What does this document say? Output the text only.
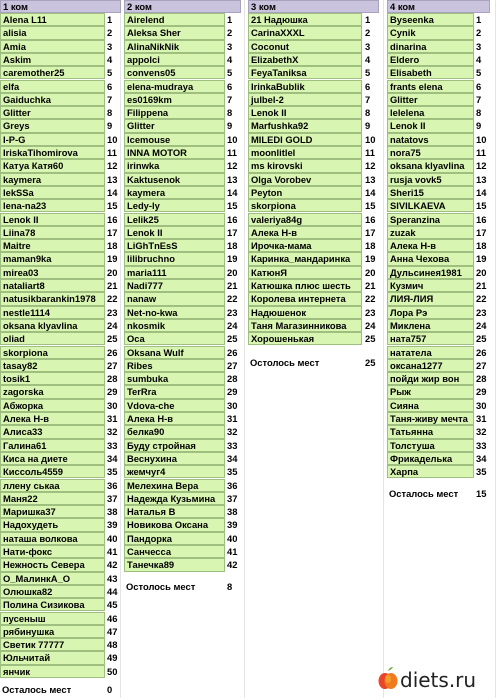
1 ком
Alena L11	1
alisia	2
Amia	3
Askim	4
caremother25	5
elfa	6
Gaiduchka	7
Glitter	8
Greys	9
I-P-G	10
IriskaTihomirova	11
Катуа Катя60	12
kaymera	13
lekSSa	14
lena-na23	15
Lenok II	16
Liina78	17
Maitre	18
maman9ka	19
mirea03	20
nataliart8	21
natusikbarankin1978	22
nestle1114	23
oksana klyavlina	24
oliad	25
skorpiona	26
tasay82	27
tosik1	28
zagorska	29
Абжорка	30
Алека Н-в	31
Алиса33	32
Галина61	33
Киса на диете	34
Кисcоль4559	35
ллену ськаа	36
Маня22	37
Маришка37	38
Надохудеть	39
наташа волкова	40
Нати-фокс	41
Нежность Севера	42
О_МалинкА_О	43
Олюшка82	44
Полина Сизикова	45
пусеныш	46
рябинушка	47
Светик 77777	48
Юльчитай	49
янчик	50
Осталось мест	0
2 ком
Airelend	1
Aleksa Sher	2
AlinaNikNik	3
appolci	4
convens05	5
elena-mudraya	6
es0169km	7
Filippena	8
Glitter	9
Icemouse	10
INNA MOTOR	11
irinwka	12
Kaktusenok	13
kaymera	14
Ledy-ly	15
Lelik25	16
Lenok II	17
LiGhTnEsS	18
lilibruchno	19
maria111	20
Nadi777	21
nanaw	22
Net-no-kwa	23
nkosmik	24
Oca	25
Oksana Wulf	26
Ribes	27
sumbuka	28
TerRra	29
Vdova-che	30
Алека Н-в	31
белка90	32
Буду стройная	33
Веснухина	34
жемчуг4	35
Мелехина Вера	36
Надежда Кузьмина	37
Наталья В	38
Новикова Оксана	39
Пандорка	40
Санчесса	41
Танечка89	42
Остолось мест	8
3 ком
21 Надюшка	1
CarinaXXXL	2
Coconut	3
ElizabethX	4
FeyaTaniksa	5
IrinkaBublik	6
julbel-2	7
Lenok II	8
Marfushka92	9
MILEDI GOLD	10
moonlitlel	11
ms kirovski	12
Olga Vorobev	13
Peyton	14
skorpiona	15
valeriya84g	16
Алека Н-в	17
Ирочка-мама	18
Каринка_мандаринка	19
КатюнЯ	20
Катюшка плюс шесть	21
Королева интернета	22
Надюшенок	23
Таня Магазинникова	24
Хорошенькая	25
Остолось мест	25
4 ком
Byseenka	1
Cynik	2
dinarina	3
Eldero	4
Elisabeth	5
frants elena	6
Glitter	7
lelelena	8
Lenok II	9
natatovs	10
nora75	11
oksana klyavlina	12
rusja vovk5	13
Sheri15	14
SIVILKAEVA	15
Speranzina	16
zuzak	17
Алека Н-в	18
Анна Чехова	19
Дульсинея1981	20
Кузмич	21
ЛИЯ-ЛИЯ	22
Лора Рэ	23
Миклена	24
ната757	25
нататела	26
оксана1277	27
пойди жир вон	28
Рыж	29
Сияна	30
Таня-живу мечта 31
Татьянна	32
Толстуша	33
Фрикаделька	34
Харпа	35
Осталось мест 15
diets.ru
